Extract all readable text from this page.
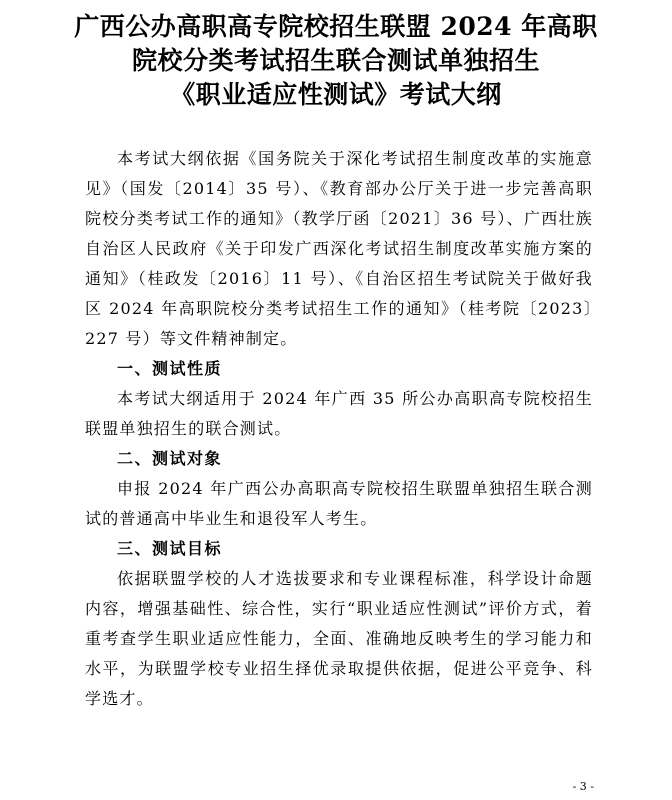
广西公办高职高专院校招生联盟 2024 年高职
院校分类考试招生联合测试单独招生
《职业适应性测试》考试大纲

本考试大纲依据《国务院关于深化考试招生制度改革的实施意见》（国发〔2014〕35 号）、《教育部办公厅关于进一步完善高职院校分类考试工作的通知》（教学厅函〔2021〕36 号）、广西壮族自治区人民政府《关于印发广西深化考试招生制度改革实施方案的通知》（桂政发〔2016〕11 号）、《自治区招生考试院关于做好我区 2024 年高职院校分类考试招生工作的通知》（桂考院〔2023〕227 号）等文件精神制定。

一、测试性质

本考试大纲适用于 2024 年广西 35 所公办高职高专院校招生联盟单独招生的联合测试。

二、测试对象

申报 2024 年广西公办高职高专院校招生联盟单独招生联合测试的普通高中毕业生和退役军人考生。

三、测试目标

依据联盟学校的人才选拔要求和专业课程标准，科学设计命题内容，增强基础性、综合性，实行“职业适应性测试”评价方式，着重考查学生职业适应性能力，全面、准确地反映考生的学习能力和水平，为联盟学校专业招生择优录取提供依据，促进公平竞争、科学选才。

- 3 -
